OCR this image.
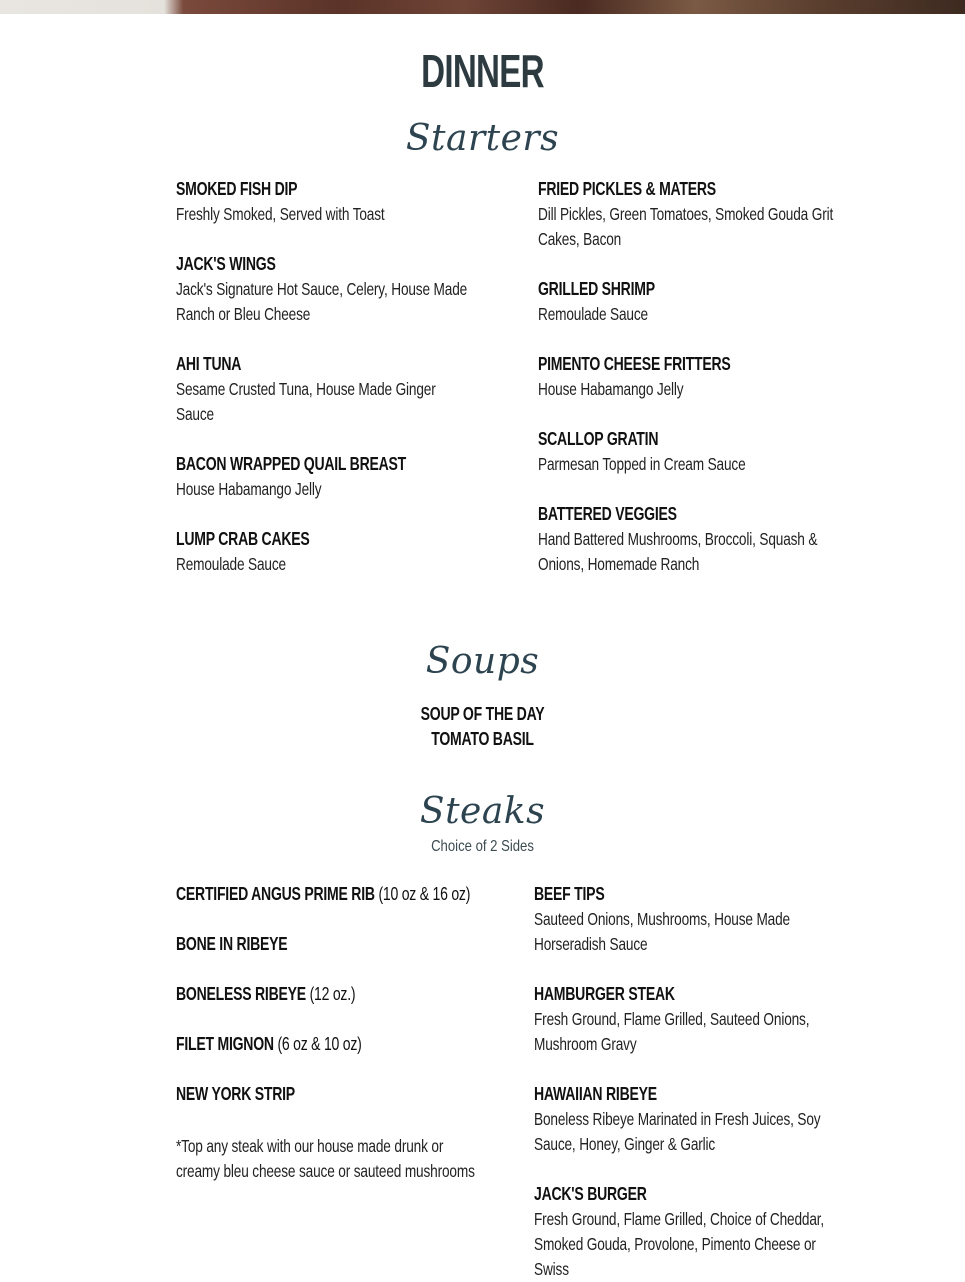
DINNER
Starters
SMOKED FISH DIP
Freshly Smoked, Served with Toast
JACK'S WINGS
Jack's Signature Hot Sauce, Celery, House Made Ranch or Bleu Cheese
AHI TUNA
Sesame Crusted Tuna, House Made Ginger Sauce
BACON WRAPPED QUAIL BREAST
House Habamango Jelly
LUMP CRAB CAKES
Remoulade Sauce
FRIED PICKLES & MATERS
Dill Pickles, Green Tomatoes, Smoked Gouda Grit Cakes, Bacon
GRILLED SHRIMP
Remoulade Sauce
PIMENTO CHEESE FRITTERS
House Habamango Jelly
SCALLOP GRATIN
Parmesan Topped in Cream Sauce
BATTERED VEGGIES
Hand Battered Mushrooms, Broccoli, Squash & Onions, Homemade Ranch
Soups
SOUP OF THE DAY
TOMATO BASIL
Steaks
Choice of 2 Sides
CERTIFIED ANGUS PRIME RIB (10 oz & 16 oz)
BONE IN RIBEYE
BONELESS RIBEYE (12 oz.)
FILET MIGNON (6 oz & 10 oz)
NEW YORK STRIP
*Top any steak with our house made drunk or creamy bleu cheese sauce or sauteed mushrooms
BEEF TIPS
Sauteed Onions, Mushrooms, House Made Horseradish Sauce
HAMBURGER STEAK
Fresh Ground, Flame Grilled, Sauteed Onions, Mushroom Gravy
HAWAIIAN RIBEYE
Boneless Ribeye Marinated in Fresh Juices, Soy Sauce, Honey, Ginger & Garlic
JACK'S BURGER
Fresh Ground, Flame Grilled, Choice of Cheddar, Smoked Gouda, Provolone, Pimento Cheese or Swiss
